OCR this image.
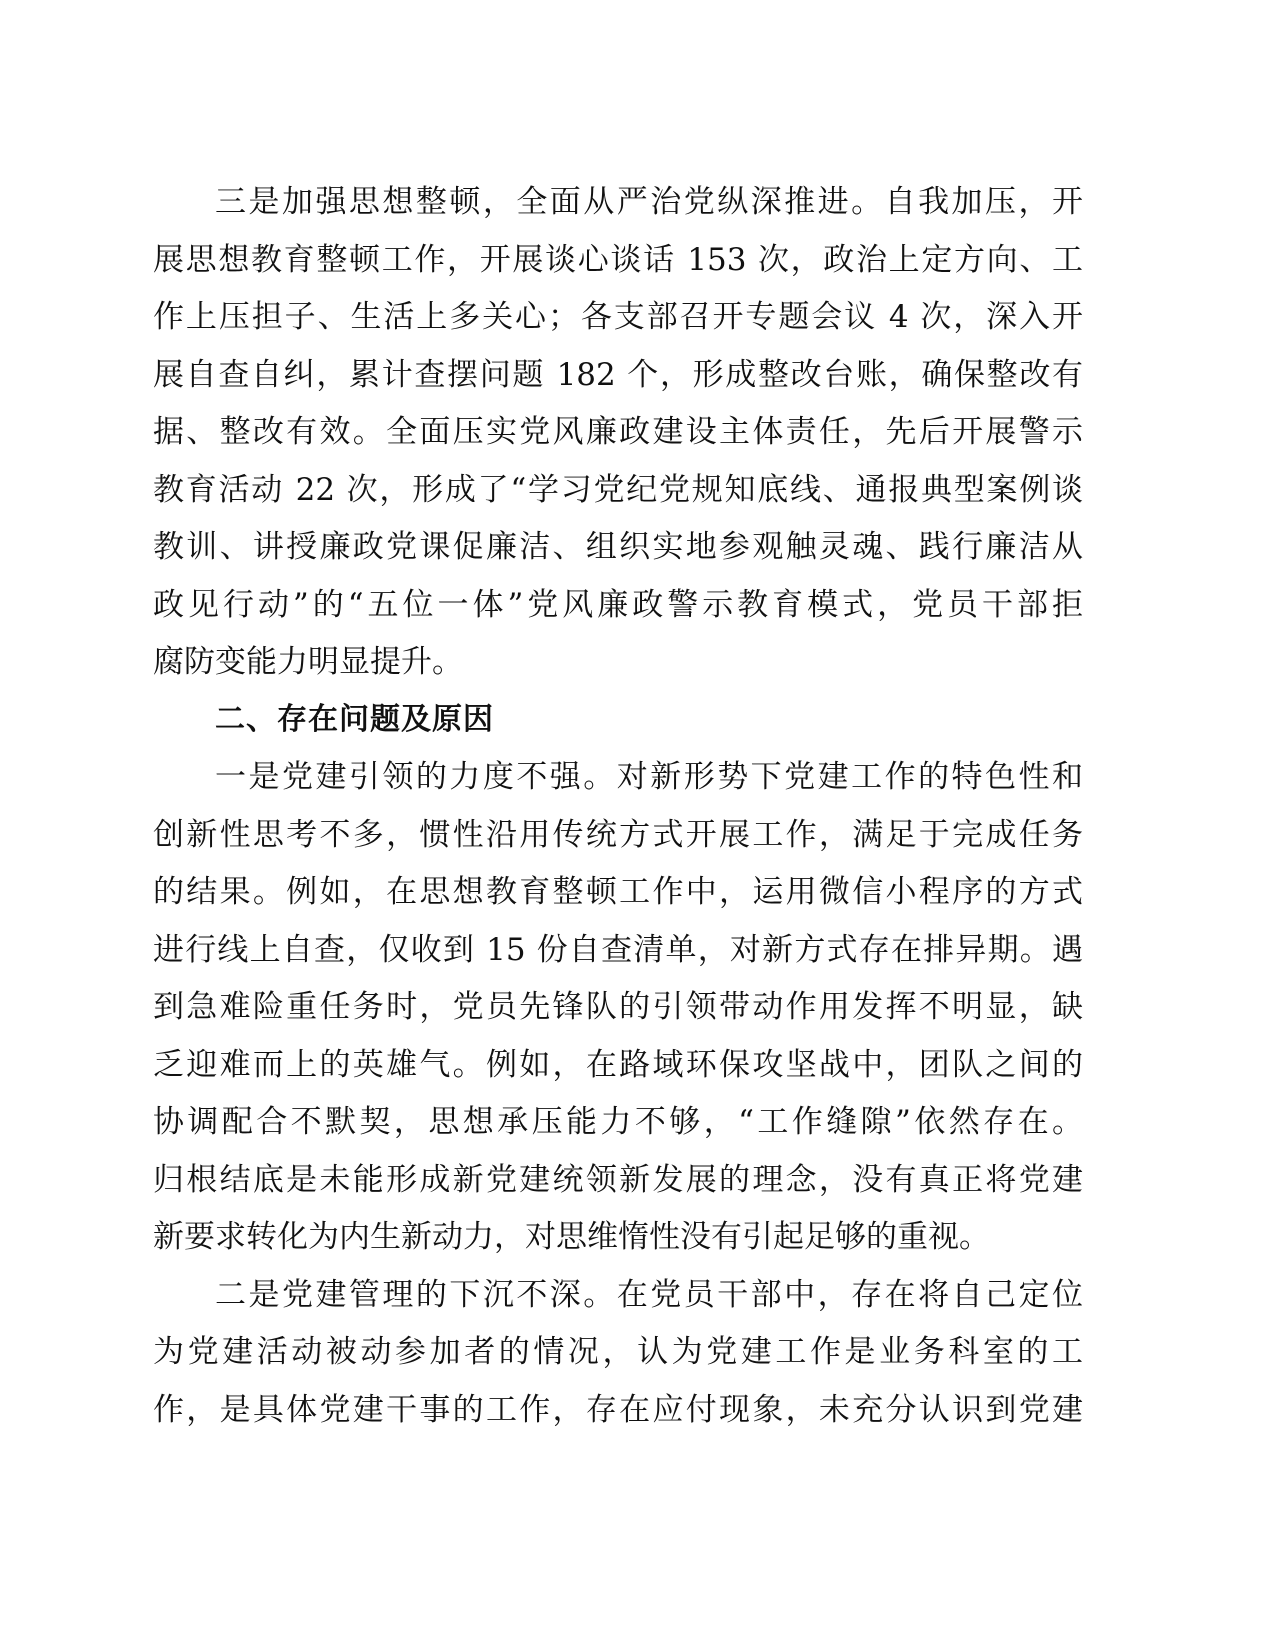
三是加强思想整顿，全面从严治党纵深推进。自我加压，开
展思想教育整顿工作，开展谈心谈话 153 次，政治上定方向、工
作上压担子、生活上多关心；各支部召开专题会议 4 次，深入开
展自查自纠，累计查摆问题 182 个，形成整改台账，确保整改有
据、整改有效。全面压实党风廉政建设主体责任，先后开展警示
教育活动 22 次，形成了“学习党纪党规知底线、通报典型案例谈
教训、讲授廉政党课促廉洁、组织实地参观触灵魂、践行廉洁从
政见行动”的“五位一体”党风廉政警示教育模式，党员干部拒
腐防变能力明显提升。
二、存在问题及原因
一是党建引领的力度不强。对新形势下党建工作的特色性和
创新性思考不多，惯性沿用传统方式开展工作，满足于完成任务
的结果。例如，在思想教育整顿工作中，运用微信小程序的方式
进行线上自查，仅收到 15 份自查清单，对新方式存在排异期。遇
到急难险重任务时，党员先锋队的引领带动作用发挥不明显，缺
乏迎难而上的英雄气。例如，在路域环保攻坚战中，团队之间的
协调配合不默契，思想承压能力不够，“工作缝隙”依然存在。
归根结底是未能形成新党建统领新发展的理念，没有真正将党建
新要求转化为内生新动力，对思维惰性没有引起足够的重视。
二是党建管理的下沉不深。在党员干部中，存在将自己定位
为党建活动被动参加者的情况，认为党建工作是业务科室的工
作，是具体党建干事的工作，存在应付现象，未充分认识到党建
